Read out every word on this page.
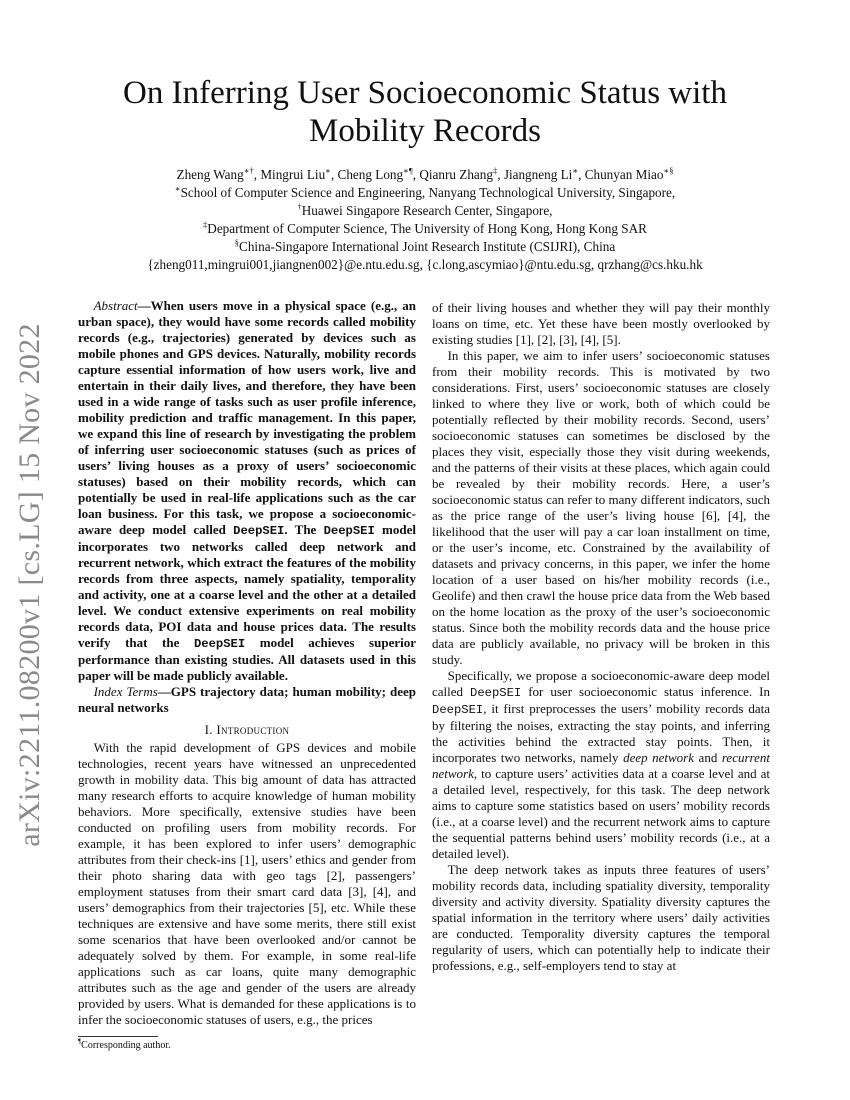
On Inferring User Socioeconomic Status with
Mobility Records
Zheng Wang∗†, Mingrui Liu∗, Cheng Long∗¶, Qianru Zhang‡, Jiangneng Li∗, Chunyan Miao∗§
∗School of Computer Science and Engineering, Nanyang Technological University, Singapore,
†Huawei Singapore Research Center, Singapore,
‡Department of Computer Science, The University of Hong Kong, Hong Kong SAR
§China-Singapore International Joint Research Institute (CSIJRI), China
{zheng011,mingrui001,jiangnen002}@e.ntu.edu.sg, {c.long,ascymiao}@ntu.edu.sg, qrzhang@cs.hku.hk
arXiv:2211.08200v1 [cs.LG] 15 Nov 2022

Abstract—When users move in a physical space (e.g., an urban space), they would have some records called mobility records (e.g., trajectories) generated by devices such as mobile phones and GPS devices. Naturally, mobility records capture essential information of how users work, live and entertain in their daily lives, and therefore, they have been used in a wide range of tasks such as user profile inference, mobility prediction and traffic management. In this paper, we expand this line of research by investigating the problem of inferring user socioeconomic statuses (such as prices of users’ living houses as a proxy of users’ socioeconomic statuses) based on their mobility records, which can potentially be used in real-life applications such as the car loan business. For this task, we propose a socioeconomic-aware deep model called DeepSEI. The DeepSEI model incorporates two networks called deep network and recurrent network, which extract the features of the mobility records from three aspects, namely spatiality, temporality and activity, one at a coarse level and the other at a detailed level. We conduct extensive experiments on real mobility records data, POI data and house prices data. The results verify that the DeepSEI model achieves superior performance than existing studies. All datasets used in this paper will be made publicly available.

Index Terms—GPS trajectory data; human mobility; deep neural networks

I. Introduction

With the rapid development of GPS devices and mobile technologies, recent years have witnessed an unprecedented growth in mobility data. This big amount of data has attracted many research efforts to acquire knowledge of human mobility behaviors. More specifically, extensive studies have been conducted on profiling users from mobility records. For example, it has been explored to infer users’ demographic attributes from their check-ins [1], users’ ethics and gender from their photo sharing data with geo tags [2], passengers’ employment statuses from their smart card data [3], [4], and users’ demographics from their trajectories [5], etc. While these techniques are extensive and have some merits, there still exist some scenarios that have been overlooked and/or cannot be adequately solved by them. For example, in some real-life applications such as car loans, quite many demographic attributes such as the age and gender of the users are already provided by users. What is demanded for these applications is to infer the socioeconomic statuses of users, e.g., the prices

¶Corresponding author.

of their living houses and whether they will pay their monthly loans on time, etc. Yet these have been mostly overlooked by existing studies [1], [2], [3], [4], [5].

In this paper, we aim to infer users’ socioeconomic statuses from their mobility records. This is motivated by two considerations. First, users’ socioeconomic statuses are closely linked to where they live or work, both of which could be potentially reflected by their mobility records. Second, users’ socioeconomic statuses can sometimes be disclosed by the places they visit, especially those they visit during weekends, and the patterns of their visits at these places, which again could be revealed by their mobility records. Here, a user’s socioeconomic status can refer to many different indicators, such as the price range of the user’s living house [6], [4], the likelihood that the user will pay a car loan installment on time, or the user’s income, etc. Constrained by the availability of datasets and privacy concerns, in this paper, we infer the home location of a user based on his/her mobility records (i.e., Geolife) and then crawl the house price data from the Web based on the home location as the proxy of the user’s socioeconomic status. Since both the mobility records data and the house price data are publicly available, no privacy will be broken in this study.

Specifically, we propose a socioeconomic-aware deep model called DeepSEI for user socioeconomic status inference. In DeepSEI, it first preprocesses the users’ mobility records data by filtering the noises, extracting the stay points, and inferring the activities behind the extracted stay points. Then, it incorporates two networks, namely deep network and recurrent network, to capture users’ activities data at a coarse level and at a detailed level, respectively, for this task. The deep network aims to capture some statistics based on users’ mobility records (i.e., at a coarse level) and the recurrent network aims to capture the sequential patterns behind users’ mobility records (i.e., at a detailed level).

The deep network takes as inputs three features of users’ mobility records data, including spatiality diversity, temporality diversity and activity diversity. Spatiality diversity captures the spatial information in the territory where users’ daily activities are conducted. Temporality diversity captures the temporal regularity of users, which can potentially help to indicate their professions, e.g., self-employers tend to stay at
